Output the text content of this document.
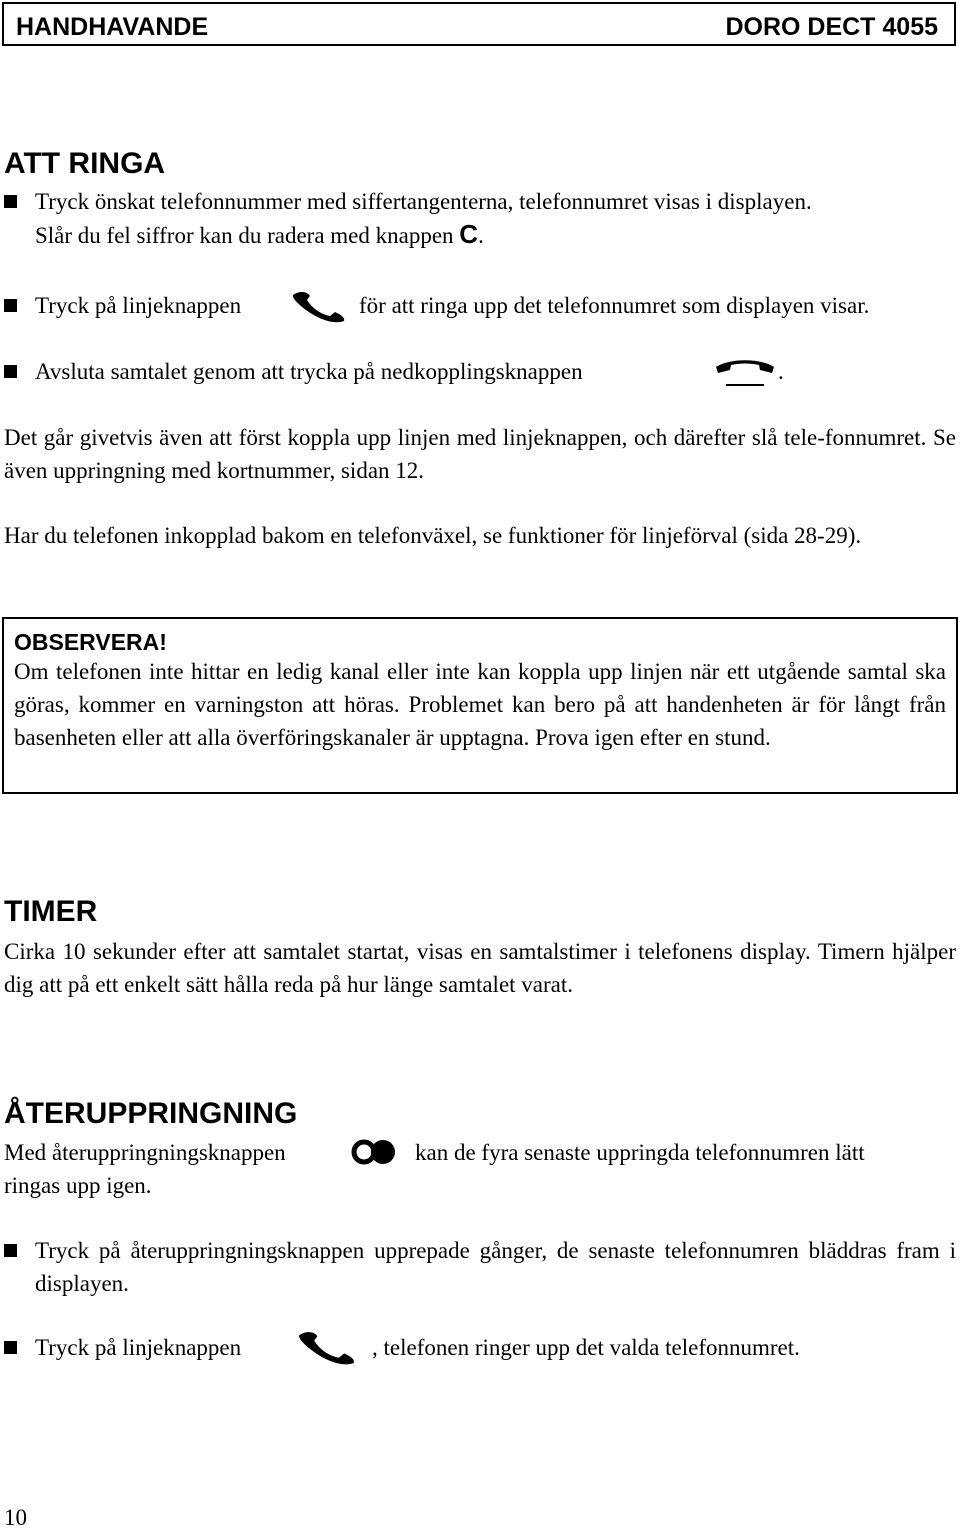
HANDHAVANDE	DORO DECT 4055
ATT RINGA

Tryck önskat telefonnummer med siffertangenterna, telefonnumret visas i displayen.

Slår du fel siffror kan du radera med knappen C.

Tryck på linjeknappen	för att ringa upp det telefonnumret som displayen visar.

Avsluta samtalet genom att trycka på nedkopplingsknappen	.

Det går givetvis även att först koppla upp linjen med linjeknappen, och därefter slå tele-fonnumret. Se även uppringning med kortnummer, sidan 12.

Har du telefonen inkopplad bakom en telefonväxel, se funktioner för linjeförval (sida 28-29).

OBSERVERA!

Om telefonen inte hittar en ledig kanal eller inte kan koppla upp linjen när ett utgående samtal ska göras, kommer en varningston att höras. Problemet kan bero på att handenheten är för långt från basenheten eller att alla överföringskanaler är upptagna. Prova igen efter en stund.

TIMER

Cirka 10 sekunder efter att samtalet startat, visas en samtalstimer i telefonens display. Timern hjälper dig att på ett enkelt sätt hålla reda på hur länge samtalet varat.

ÅTERUPPRINGNING

Med återuppringningsknappen	kan de fyra senaste uppringda telefonnumren lätt

ringas upp igen.

Tryck på återuppringningsknappen upprepade gånger, de senaste telefonnumren bläddras fram i displayen.

Tryck på linjeknappen	, telefonen ringer upp det valda telefonnumret.

10
